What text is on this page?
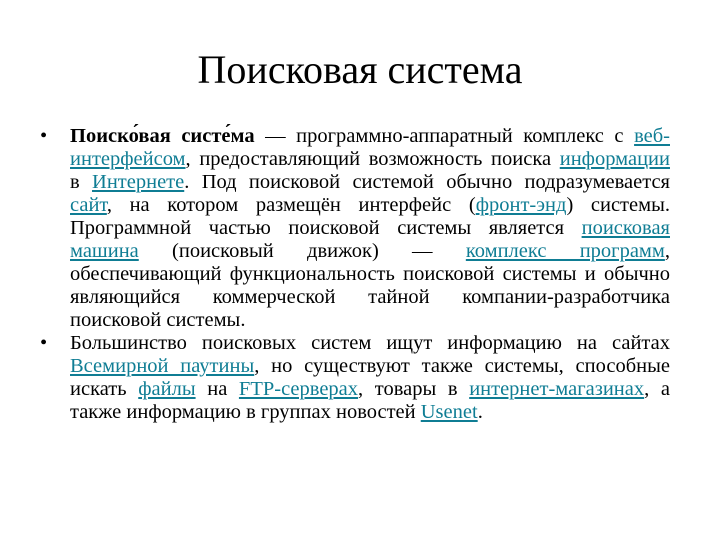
Поисковая система
•	Поиско́вая систе́ма — программно-аппаратный комплекс с веб-интерфейсом, предоставляющий возможность поиска информации в Интернете. Под поисковой системой обычно подразумевается сайт, на котором размещён интерфейс (фронт-энд) системы. Программной частью поисковой системы является поисковая машина (поисковый движок) — комплекс программ, обеспечивающий функциональность поисковой системы и обычно являющийся коммерческой тайной компании-разработчика поисковой системы.
•	Большинство поисковых систем ищут информацию на сайтах Всемирной паутины, но существуют также системы, способные искать файлы на FTP-серверах, товары в интернет-магазинах, а также информацию в группах новостей Usenet.
